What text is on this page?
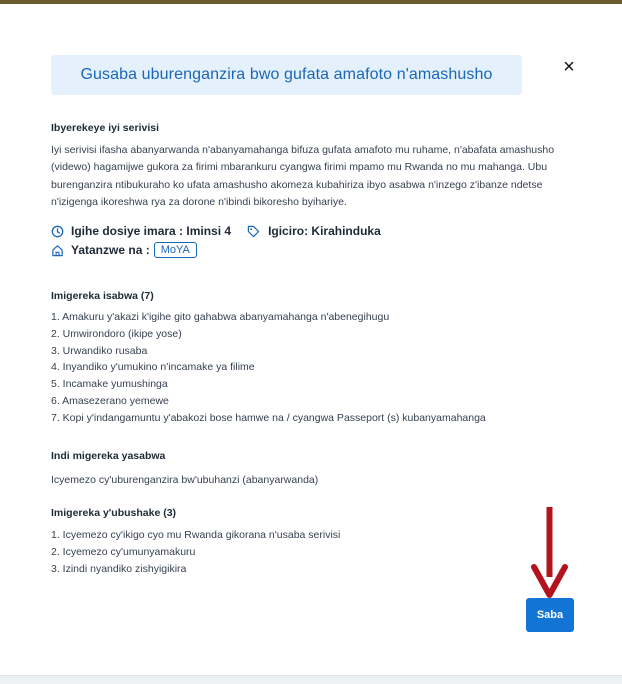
Gusaba uburenganzira bwo gufata amafoto n'amashusho	×
Ibyerekeye iyi serivisi
Iyi serivisi ifasha abanyarwanda n'abanyamahanga bifuza gufata amafoto mu ruhame, n'abafata amashusho (videwo) hagamijwe gukora za firimi mbarankuru cyangwa firimi mpamo mu Rwanda no mu mahanga. Ubu burenganzira ntibukuraho ko ufata amashusho akomeza kubahiriza ibyo asabwa n'inzego z'ibanze ndetse n'izigenga ikoreshwa rya za dorone n'ibindi bikoresho byihariye.
Igihe dosiye imara : Iminsi 4	Igiciro: Kirahinduka
Yatanzwe na :	MoYA
Imigereka isabwa (7)
1. Amakuru y'akazi k'igihe gito gahabwa abanyamahanga n'abenegihugu
2. Umwirondoro (ikipe yose)
3. Urwandiko rusaba
4. Inyandiko y'umukino n'incamake ya filime
5. Incamake yumushinga
6. Amasezerano yemewe
7. Kopi y'indangamuntu y'abakozi bose hamwe na / cyangwa Passeport (s) kubanyamahanga
Indi migereka yasabwa
Icyemezo cy'uburenganzira bw'ubuhanzi (abanyarwanda)
Imigereka y'ubushake (3)
1. Icyemezo cy'ikigo cyo mu Rwanda gikorana n'usaba serivisi
2. Icyemezo cy'umunyamakuru
3. Izindi nyandiko zishyigikira
Saba
